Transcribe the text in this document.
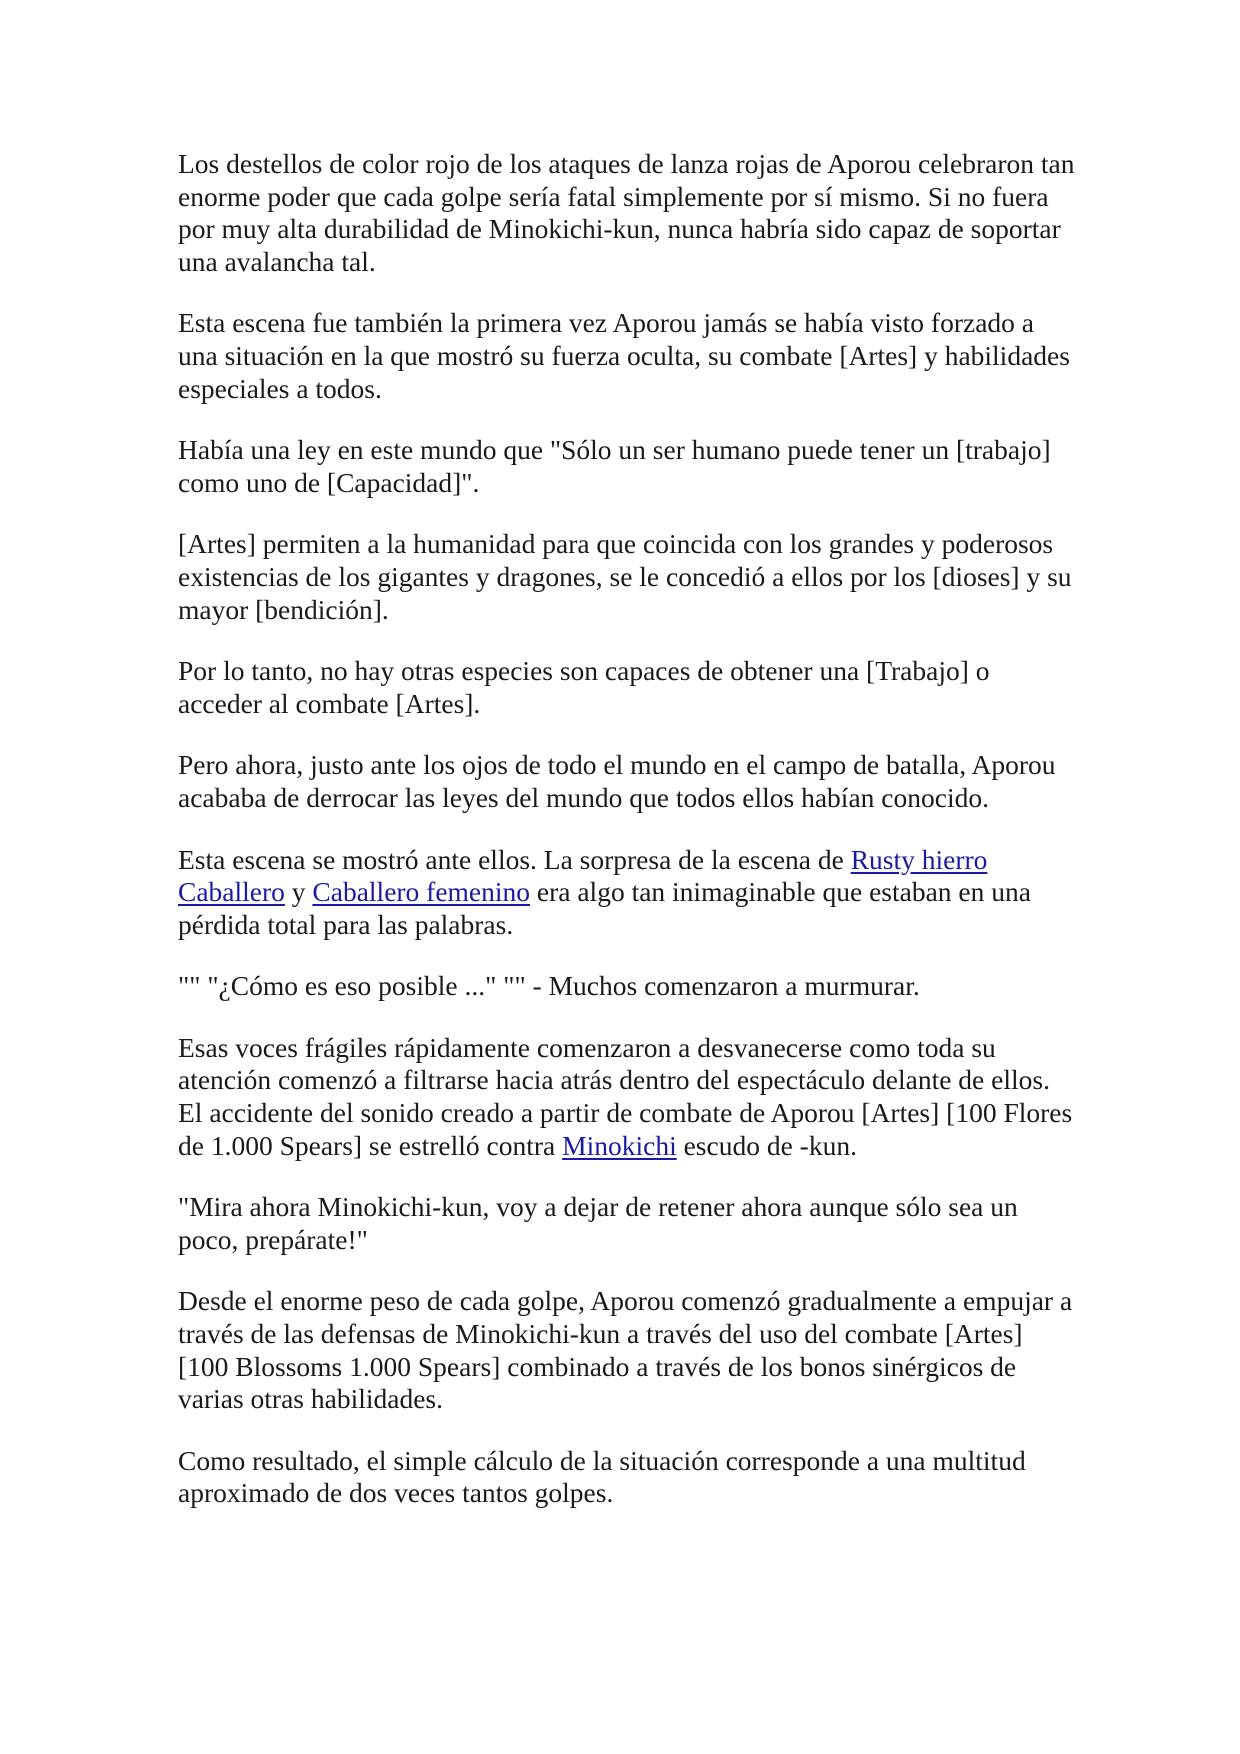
Los destellos de color rojo de los ataques de lanza rojas de Aporou celebraron tan enorme poder que cada golpe sería fatal simplemente por sí mismo. Si no fuera por muy alta durabilidad de Minokichi-kun, nunca habría sido capaz de soportar una avalancha tal.

Esta escena fue también la primera vez Aporou jamás se había visto forzado a una situación en la que mostró su fuerza oculta, su combate [Artes] y habilidades especiales a todos.

Había una ley en este mundo que "Sólo un ser humano puede tener un [trabajo] como uno de [Capacidad]".

[Artes] permiten a la humanidad para que coincida con los grandes y poderosos existencias de los gigantes y dragones, se le concedió a ellos por los [dioses] y su mayor [bendición].

Por lo tanto, no hay otras especies son capaces de obtener una [Trabajo] o acceder al combate [Artes].

Pero ahora, justo ante los ojos de todo el mundo en el campo de batalla, Aporou acababa de derrocar las leyes del mundo que todos ellos habían conocido.

Esta escena se mostró ante ellos. La sorpresa de la escena de Rusty hierro Caballero y Caballero femenino era algo tan inimaginable que estaban en una pérdida total para las palabras.

"" "¿Cómo es eso posible ..." "" - Muchos comenzaron a murmurar.

Esas voces frágiles rápidamente comenzaron a desvanecerse como toda su atención comenzó a filtrarse hacia atrás dentro del espectáculo delante de ellos. El accidente del sonido creado a partir de combate de Aporou [Artes] [100 Flores de 1.000 Spears] se estrelló contra Minokichi escudo de -kun.

"Mira ahora Minokichi-kun, voy a dejar de retener ahora aunque sólo sea un poco, prepárate!"

Desde el enorme peso de cada golpe, Aporou comenzó gradualmente a empujar a través de las defensas de Minokichi-kun a través del uso del combate [Artes] [100 Blossoms 1.000 Spears] combinado a través de los bonos sinérgicos de varias otras habilidades.

Como resultado, el simple cálculo de la situación corresponde a una multitud aproximado de dos veces tantos golpes.
